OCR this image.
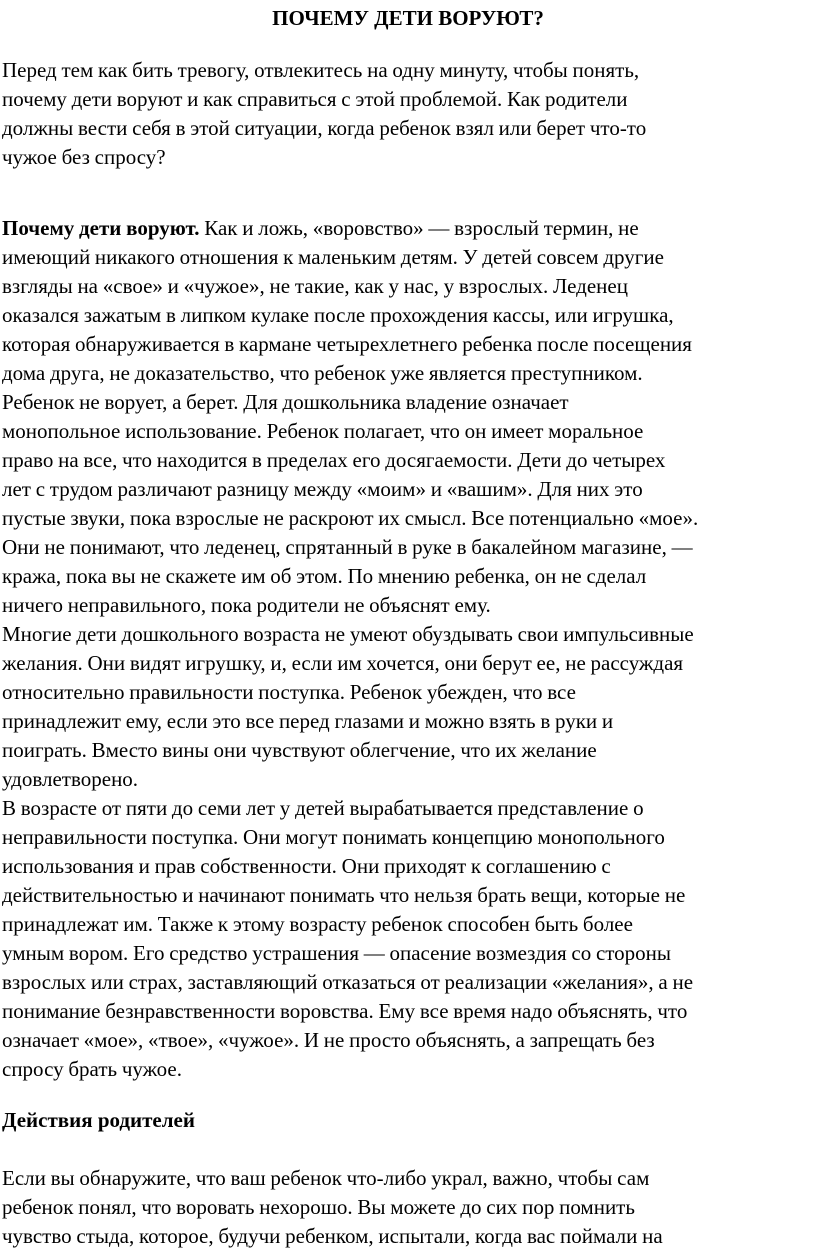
ПОЧЕМУ ДЕТИ ВОРУЮТ?
Перед тем как бить тревогу, отвлекитесь на одну минуту, чтобы понять,
почему дети воруют и как справиться с этой проблемой. Как родители
должны вести себя в этой ситуации, когда ребенок взял или берет что-то
чужое без спросу?
Почему дети воруют. Как и ложь, «воровство» — взрослый термин, не
имеющий никакого отношения к маленьким детям. У детей совсем другие
взгляды на «свое» и «чужое», не такие, как у нас, у взрослых. Леденец
оказался зажатым в липком кулаке после прохождения кассы, или игрушка,
которая обнаруживается в кармане четырехлетнего ребенка после посещения
дома друга, не доказательство, что ребенок уже является преступником.
Ребенок не ворует, а берет. Для дошкольника владение означает
монопольное использование. Ребенок полагает, что он имеет моральное
право на все, что находится в пределах его досягаемости. Дети до четырех
лет с трудом различают разницу между «моим» и «вашим». Для них это
пустые звуки, пока взрослые не раскроют их смысл. Все потенциально «мое».
Они не понимают, что леденец, спрятанный в руке в бакалейном магазине, —
кража, пока вы не скажете им об этом. По мнению ребенка, он не сделал
ничего неправильного, пока родители не объяснят ему.
Многие дети дошкольного возраста не умеют обуздывать свои импульсивные
желания. Они видят игрушку, и, если им хочется, они берут ее, не рассуждая
относительно правильности поступка. Ребенок убежден, что все
принадлежит ему, если это все перед глазами и можно взять в руки и
поиграть. Вместо вины они чувствуют облегчение, что их желание
удовлетворено.
В возрасте от пяти до семи лет у детей вырабатывается представление о
неправильности поступка. Они могут понимать концепцию монопольного
использования и прав собственности. Они приходят к соглашению с
действительностью и начинают понимать что нельзя брать вещи, которые не
принадлежат им. Также к этому возрасту ребенок способен быть более
умным вором. Его средство устрашения — опасение возмездия со стороны
взрослых или страх, заставляющий отказаться от реализации «желания», а не
понимание безнравственности воровства. Ему все время надо объяснять, что
означает «мое», «твое», «чужое». И не просто объяснять, а запрещать без
спросу брать чужое.
Действия родителей
Если вы обнаружите, что ваш ребенок что-либо украл, важно, чтобы сам
ребенок понял, что воровать нехорошо. Вы можете до сих пор помнить
чувство стыда, которое, будучи ребенком, испытали, когда вас поймали на
